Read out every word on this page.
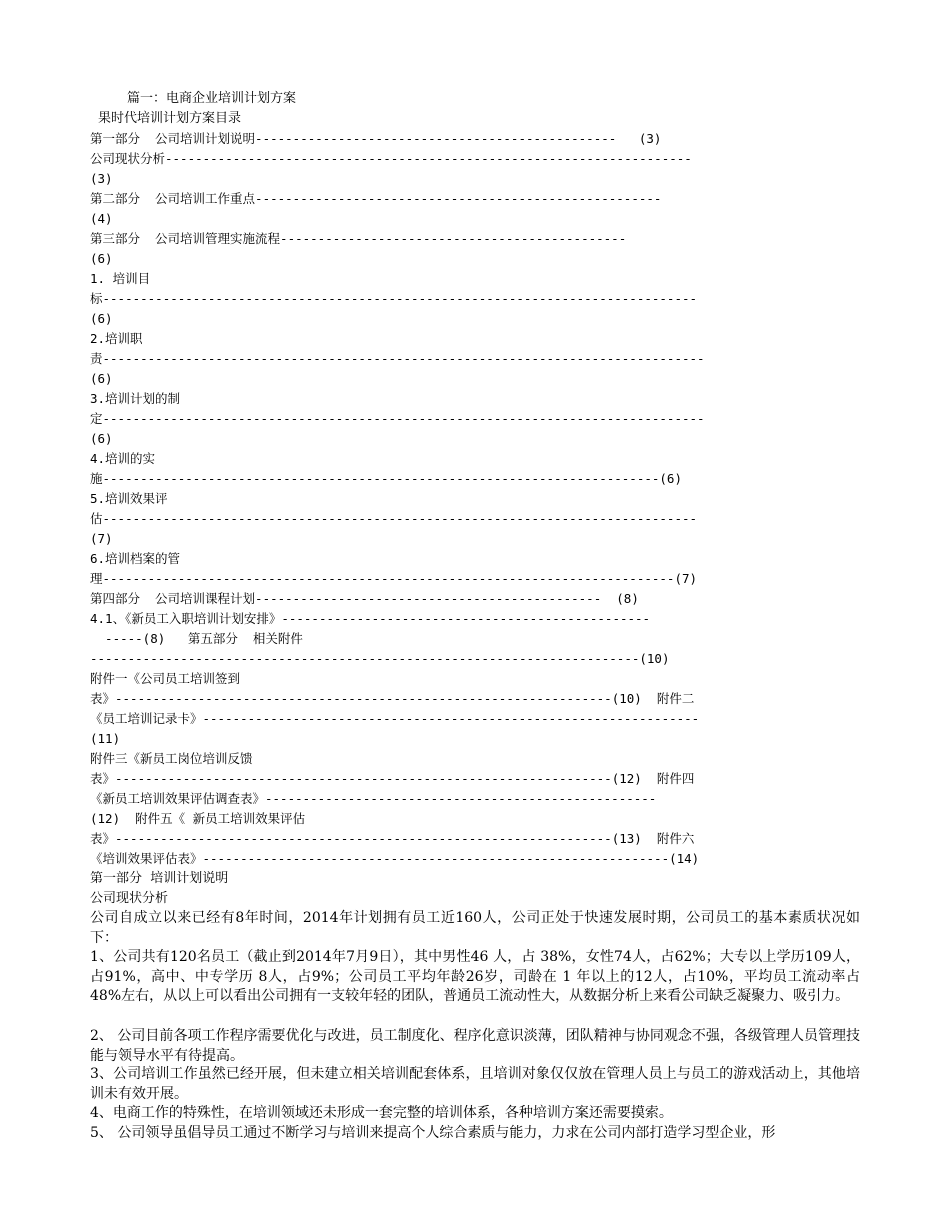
篇一：电商企业培训计划方案
果时代培训计划方案目录
第一部分  公司培训计划说明------------------------------------------------   (3)
公司现状分析----------------------------------------------------------------------
(3)
第二部分  公司培训工作重点------------------------------------------------------
(4)
第三部分  公司培训管理实施流程----------------------------------------------
(6)
1. 培训目
标-------------------------------------------------------------------------------
(6)
2.培训职
责--------------------------------------------------------------------------------
(6)
3.培训计划的制
定--------------------------------------------------------------------------------
(6)
4.培训的实
施--------------------------------------------------------------------------(6)
5.培训效果评
估-------------------------------------------------------------------------------
(7)
6.培训档案的管
理----------------------------------------------------------------------------(7)
第四部分  公司培训课程计划----------------------------------------------  (8)
4.1、《新员工入职培训计划安排》-------------------------------------------------
-----(8)   第五部分  相关附件
-------------------------------------------------------------------------(10)
附件一《公司员工培训签到
表》------------------------------------------------------------------(10)  附件二
《员工培训记录卡》------------------------------------------------------------------
(11)
附件三《新员工岗位培训反馈
表》------------------------------------------------------------------(12)  附件四
《新员工培训效果评估调查表》----------------------------------------------------
(12)  附件五《 新员工培训效果评估
表》------------------------------------------------------------------(13)  附件六
《培训效果评估表》--------------------------------------------------------------(14)
第一部分  培训计划说明
公司现状分析
公司自成立以来已经有8年时间，2014年计划拥有员工近160人，公司正处于快速发展时期，公司员工的基本素质状况如下：
1、公司共有120名员工（截止到2014年7月9日），其中男性46 人，占 38%，女性74人，占62%；大专以上学历109人，占91%，高中、中专学历 8人，占9%；公司员工平均年龄26岁，司龄在 1 年以上的12人，占10%，平均员工流动率占48%左右，从以上可以看出公司拥有一支较年轻的团队，普通员工流动性大，从数据分析上来看公司缺乏凝聚力、吸引力。
2、 公司目前各项工作程序需要优化与改进，员工制度化、程序化意识淡薄，团队精神与协同观念不强，各级管理人员管理技能与领导水平有待提高。
3、公司培训工作虽然已经开展，但未建立相关培训配套体系，且培训对象仅仅放在管理人员上与员工的游戏活动上，其他培训未有效开展。
4、电商工作的特殊性，在培训领域还未形成一套完整的培训体系，各种培训方案还需要摸索。
5、 公司领导虽倡导员工通过不断学习与培训来提高个人综合素质与能力，力求在公司内部打造学习型企业，形
